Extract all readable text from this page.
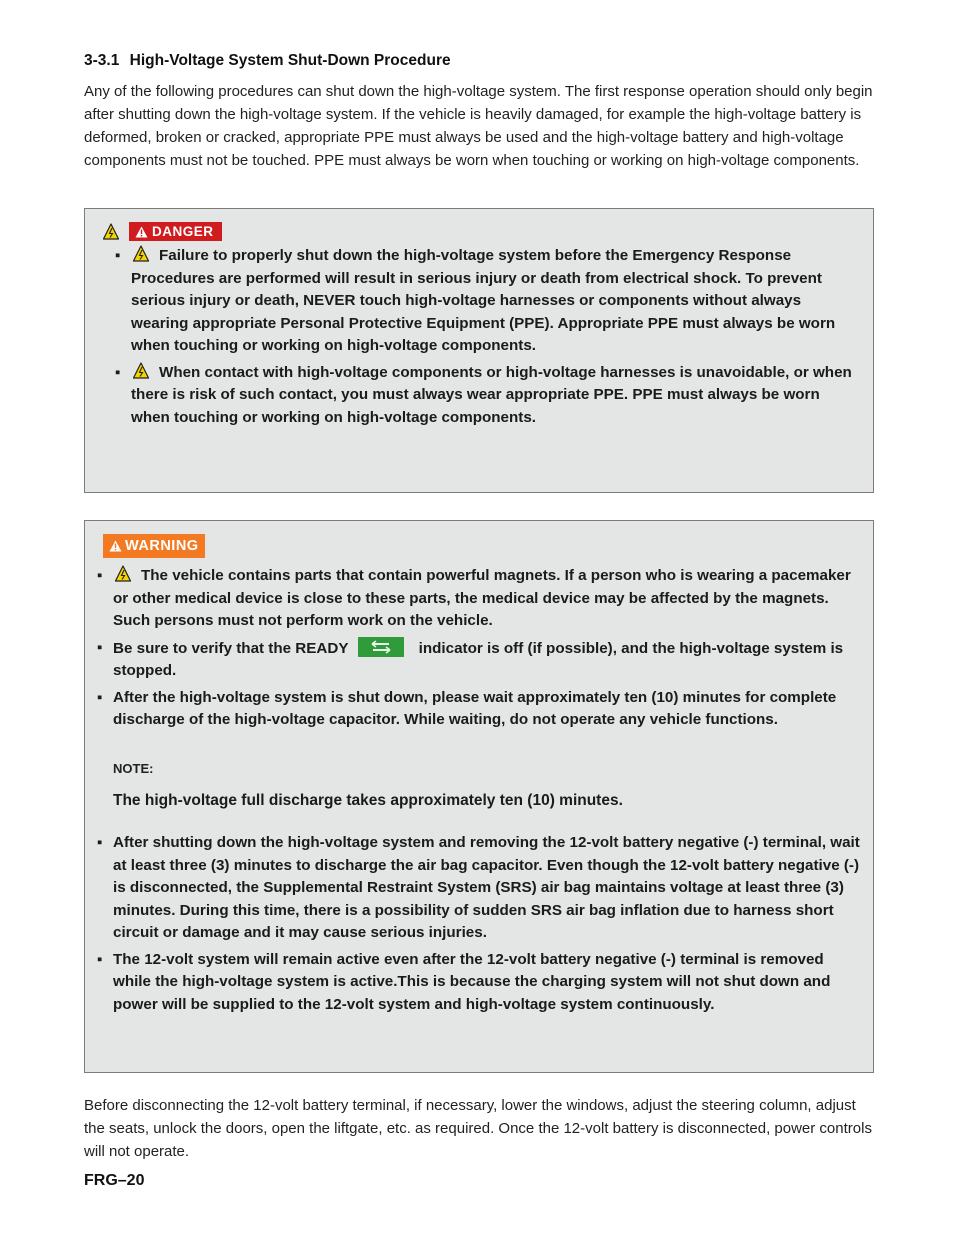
3-3.1 High-Voltage System Shut-Down Procedure

Any of the following procedures can shut down the high-voltage system. The first response operation should only begin after shutting down the high-voltage system. If the vehicle is heavily damaged, for example the high-voltage battery is deformed, broken or cracked, appropriate PPE must always be used and the high-voltage battery and high-voltage components must not be touched. PPE must always be worn when touching or working on high-voltage components.

DANGER
▪	Failure to properly shut down the high-voltage system before the Emergency Response Procedures are performed will result in serious injury or death from electrical shock. To prevent serious injury or death, NEVER touch high-voltage harnesses or components without always wearing appropriate Personal Protective Equipment (PPE). Appropriate PPE must always be worn when touching or working on high-voltage components.
▪	When contact with high-voltage components or high-voltage harnesses is unavoidable, or when there is risk of such contact, you must always wear appropriate PPE. PPE must always be worn when touching or working on high-voltage components.
WARNING
▪	The vehicle contains parts that contain powerful magnets. If a person who is wearing a pacemaker or other medical device is close to these parts, the medical device may be affected by the magnets. Such persons must not perform work on the vehicle.
▪ Be sure to verify that the READY	indicator is off (if possible), and the high-voltage system is stopped.
▪ After the high-voltage system is shut down, please wait approximately ten (10) minutes for complete discharge of the high-voltage capacitor. While waiting, do not operate any vehicle functions.
NOTE:
The high-voltage full discharge takes approximately ten (10) minutes.
▪ After shutting down the high-voltage system and removing the 12-volt battery negative (-) terminal, wait at least three (3) minutes to discharge the air bag capacitor. Even though the 12-volt battery negative (-) is disconnected, the Supplemental Restraint System (SRS) air bag maintains voltage at least three (3) minutes. During this time, there is a possibility of sudden SRS air bag inflation due to harness short circuit or damage and it may cause serious injuries.
▪ The 12-volt system will remain active even after the 12-volt battery negative (-) terminal is removed while the high-voltage system is active.This is because the charging system will not shut down and power will be supplied to the 12-volt system and high-voltage system continuously.

Before disconnecting the 12-volt battery terminal, if necessary, lower the windows, adjust the steering column, adjust the seats, unlock the doors, open the liftgate, etc. as required. Once the 12-volt battery is disconnected, power controls will not operate.

FRG–20
